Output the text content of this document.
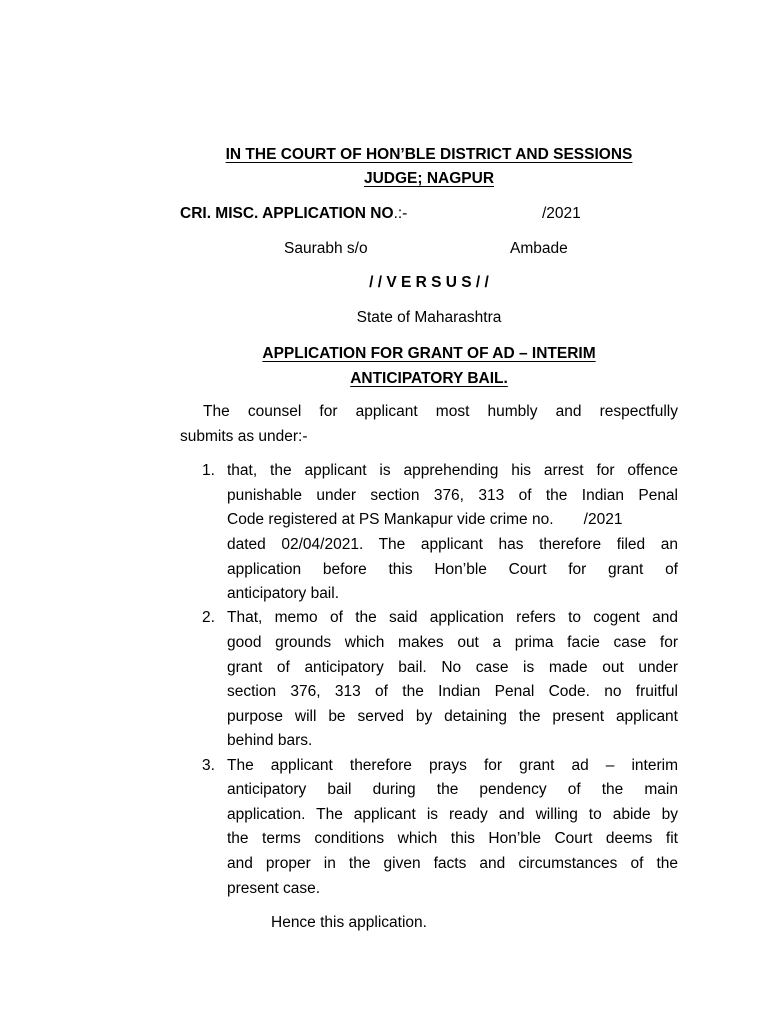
IN THE COURT OF HON’BLE DISTRICT AND SESSIONS
JUDGE; NAGPUR
CRI. MISC. APPLICATION NO.:-	/2021
Saurabh s/o	Ambade
/ / V E R S U S / /
State of Maharashtra
APPLICATION FOR GRANT OF AD – INTERIM
ANTICIPATORY BAIL.
The counsel for applicant most humbly and respectfully
submits as under:-
1. that, the applicant is apprehending his arrest for offence
punishable under section 376, 313 of the Indian Penal
Code registered at PS Mankapur vide crime no.       /2021
dated 02/04/2021. The applicant has therefore filed an
application before this Hon’ble Court for grant of
anticipatory bail.
2. That, memo of the said application refers to cogent and
good grounds which makes out a prima facie case for
grant of anticipatory bail. No case is made out under
section 376, 313 of the Indian Penal Code. no fruitful
purpose will be served by detaining the present applicant
behind bars.
3. The applicant therefore prays for grant ad – interim
anticipatory bail during the pendency of the main
application. The applicant is ready and willing to abide by
the terms conditions which this Hon’ble Court deems fit
and proper in the given facts and circumstances of the
present case.
Hence this application.
